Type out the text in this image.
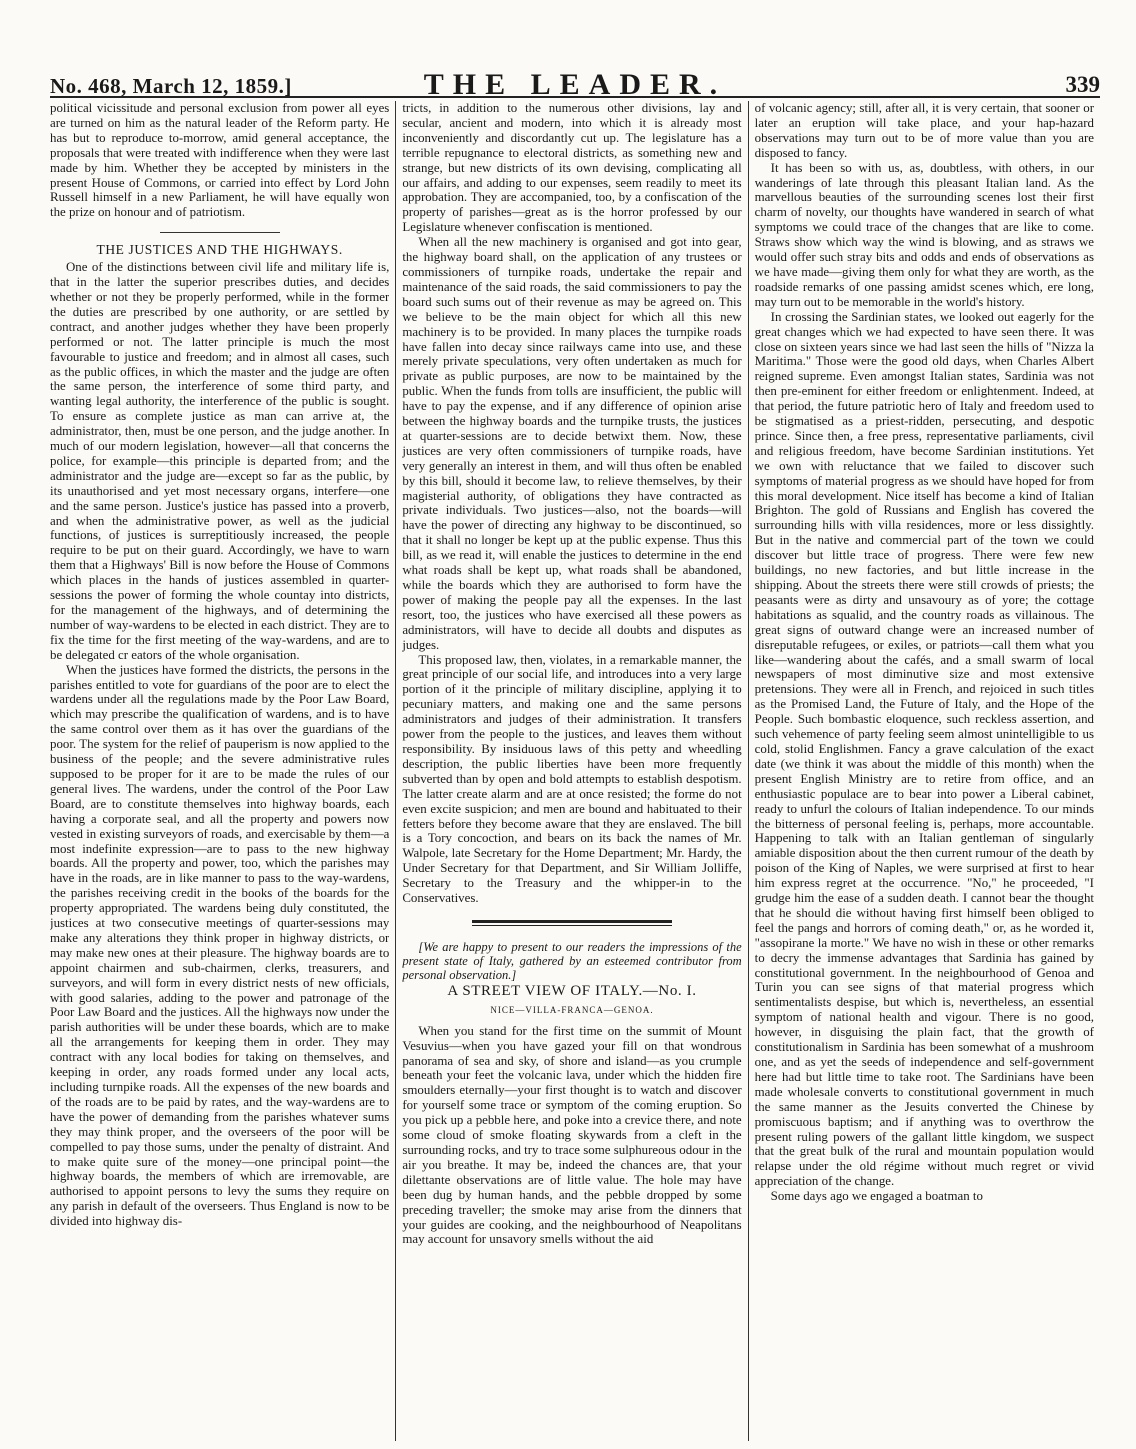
No. 468, March 12, 1859.]	THE LEADER.	339

political vicissitude and personal exclusion from power all eyes are turned on him as the natural leader of the Reform party. He has but to reproduce to-morrow, amid general acceptance, the proposals that were treated with indifference when they were last made by him. Whether they be accepted by ministers in the present House of Commons, or carried into effect by Lord John Russell himself in a new Parliament, he will have equally won the prize on honour and of patriotism.

THE JUSTICES AND THE HIGHWAYS.

One of the distinctions between civil life and military life is, that in the latter the superior prescribes duties, and decides whether or not they be properly performed, while in the former the duties are prescribed by one authority, or are settled by contract, and another judges whether they have been properly performed or not. The latter principle is much the most favourable to justice and freedom; and in almost all cases, such as the public offices, in which the master and the judge are often the same person, the interference of some third party, and wanting legal authority, the interference of the public is sought. To ensure as complete justice as man can arrive at, the administrator, then, must be one person, and the judge another. In much of our modern legislation, however—all that concerns the police, for example—this principle is departed from; and the administrator and the judge are—except so far as the public, by its unauthorised and yet most necessary organs, interfere—one and the same person. Justice's justice has passed into a proverb, and when the administrative power, as well as the judicial functions, of justices is surreptitiously increased, the people require to be put on their guard. Accordingly, we have to warn them that a Highways' Bill is now before the House of Commons which places in the hands of justices assembled in quarter-sessions the power of forming the whole countay into districts, for the management of the highways, and of determining the number of way-wardens to be elected in each district. They are to fix the time for the first meeting of the way-wardens, and are to be delegated cr eators of the whole organisation.

When the justices have formed the districts, the persons in the parishes entitled to vote for guardians of the poor are to elect the wardens under all the regulations made by the Poor Law Board, which may prescribe the qualification of wardens, and is to have the same control over them as it has over the guardians of the poor. The system for the relief of pauperism is now applied to the business of the people; and the severe administrative rules supposed to be proper for it are to be made the rules of our general lives. The wardens, under the control of the Poor Law Board, are to constitute themselves into highway boards, each having a corporate seal, and all the property and powers now vested in existing surveyors of roads, and exercisable by them—a most indefinite expression—are to pass to the new highway boards. All the property and power, too, which the parishes may have in the roads, are in like manner to pass to the way-wardens, the parishes receiving credit in the books of the boards for the property appropriated. The wardens being duly constituted, the justices at two consecutive meetings of quarter-sessions may make any alterations they think proper in highway districts, or may make new ones at their pleasure. The highway boards are to appoint chairmen and sub-chairmen, clerks, treasurers, and surveyors, and will form in every district nests of new officials, with good salaries, adding to the power and patronage of the Poor Law Board and the justices. All the highways now under the parish authorities will be under these boards, which are to make all the arrangements for keeping them in order. They may contract with any local bodies for taking on themselves, and keeping in order, any roads formed under any local acts, including turnpike roads. All the expenses of the new boards and of the roads are to be paid by rates, and the way-wardens are to have the power of demanding from the parishes whatever sums they may think proper, and the overseers of the poor will be compelled to pay those sums, under the penalty of distraint. And to make quite sure of the money—one principal point—the highway boards, the members of which are irremovable, are authorised to appoint persons to levy the sums they require on any parish in default of the overseers. Thus England is now to be divided into highway dis-

tricts, in addition to the numerous other divisions, lay and secular, ancient and modern, into which it is already most inconveniently and discordantly cut up. The legislature has a terrible repugnance to electoral districts, as something new and strange, but new districts of its own devising, complicating all our affairs, and adding to our expenses, seem readily to meet its approbation. They are accompanied, too, by a confiscation of the property of parishes—great as is the horror professed by our Legislature whenever confiscation is mentioned.

When all the new machinery is organised and got into gear, the highway board shall, on the application of any trustees or commissioners of turnpike roads, undertake the repair and maintenance of the said roads, the said commissioners to pay the board such sums out of their revenue as may be agreed on. This we believe to be the main object for which all this new machinery is to be provided. In many places the turnpike roads have fallen into decay since railways came into use, and these merely private speculations, very often undertaken as much for private as public purposes, are now to be maintained by the public. When the funds from tolls are insufficient, the public will have to pay the expense, and if any difference of opinion arise between the highway boards and the turnpike trusts, the justices at quarter-sessions are to decide betwixt them. Now, these justices are very often commissioners of turnpike roads, have very generally an interest in them, and will thus often be enabled by this bill, should it become law, to relieve themselves, by their magisterial authority, of obligations they have contracted as private individuals. Two justices—also, not the boards—will have the power of directing any highway to be discontinued, so that it shall no longer be kept up at the public expense. Thus this bill, as we read it, will enable the justices to determine in the end what roads shall be kept up, what roads shall be abandoned, while the boards which they are authorised to form have the power of making the people pay all the expenses. In the last resort, too, the justices who have exercised all these powers as administrators, will have to decide all doubts and disputes as judges.

This proposed law, then, violates, in a remarkable manner, the great principle of our social life, and introduces into a very large portion of it the principle of military discipline, applying it to pecuniary matters, and making one and the same persons administrators and judges of their administration. It transfers power from the people to the justices, and leaves them without responsibility. By insiduous laws of this petty and wheedling description, the public liberties have been more frequently subverted than by open and bold attempts to establish despotism. The latter create alarm and are at once resisted; the forme do not even excite suspicion; and men are bound and habituated to their fetters before they become aware that they are enslaved. The bill is a Tory concoction, and bears on its back the names of Mr. Walpole, late Secretary for the Home Department; Mr. Hardy, the Under Secretary for that Department, and Sir William Jolliffe, Secretary to the Treasury and the whipper-in to the Conservatives.

[We are happy to present to our readers the impressions of the present state of Italy, gathered by an esteemed contributor from personal observation.]

A STREET VIEW OF ITALY.—No. I.
NICE—VILLA-FRANCA—GENOA.

When you stand for the first time on the summit of Mount Vesuvius—when you have gazed your fill on that wondrous panorama of sea and sky, of shore and island—as you crumple beneath your feet the volcanic lava, under which the hidden fire smoulders eternally—your first thought is to watch and discover for yourself some trace or symptom of the coming eruption. So you pick up a pebble here, and poke into a crevice there, and note some cloud of smoke floating skywards from a cleft in the surrounding rocks, and try to trace some sulphureous odour in the air you breathe. It may be, indeed the chances are, that your dilettante observations are of little value. The hole may have been dug by human hands, and the pebble dropped by some preceding traveller; the smoke may arise from the dinners that your guides are cooking, and the neighbourhood of Neapolitans may account for unsavory smells without the aid

of volcanic agency; still, after all, it is very certain, that sooner or later an eruption will take place, and your hap-hazard observations may turn out to be of more value than you are disposed to fancy.

It has been so with us, as, doubtless, with others, in our wanderings of late through this pleasant Italian land. As the marvellous beauties of the surrounding scenes lost their first charm of novelty, our thoughts have wandered in search of what symptoms we could trace of the changes that are like to come. Straws show which way the wind is blowing, and as straws we would offer such stray bits and odds and ends of observations as we have made—giving them only for what they are worth, as the roadside remarks of one passing amidst scenes which, ere long, may turn out to be memorable in the world's history.

In crossing the Sardinian states, we looked out eagerly for the great changes which we had expected to have seen there. It was close on sixteen years since we had last seen the hills of "Nizza la Maritima." Those were the good old days, when Charles Albert reigned supreme. Even amongst Italian states, Sardinia was not then pre-eminent for either freedom or enlightenment. Indeed, at that period, the future patriotic hero of Italy and freedom used to be stigmatised as a priest-ridden, persecuting, and despotic prince. Since then, a free press, representative parliaments, civil and religious freedom, have become Sardinian institutions. Yet we own with reluctance that we failed to discover such symptoms of material progress as we should have hoped for from this moral development. Nice itself has become a kind of Italian Brighton. The gold of Russians and English has covered the surrounding hills with villa residences, more or less dissightly. But in the native and commercial part of the town we could discover but little trace of progress. There were few new buildings, no new factories, and but little increase in the shipping. About the streets there were still crowds of priests; the peasants were as dirty and unsavoury as of yore; the cottage habitations as squalid, and the country roads as villainous. The great signs of outward change were an increased number of disreputable refugees, or exiles, or patriots—call them what you like—wandering about the cafés, and a small swarm of local newspapers of most diminutive size and most extensive pretensions. They were all in French, and rejoiced in such titles as the Promised Land, the Future of Italy, and the Hope of the People. Such bombastic eloquence, such reckless assertion, and such vehemence of party feeling seem almost unintelligible to us cold, stolid Englishmen. Fancy a grave calculation of the exact date (we think it was about the middle of this month) when the present English Ministry are to retire from office, and an enthusiastic populace are to bear into power a Liberal cabinet, ready to unfurl the colours of Italian independence. To our minds the bitterness of personal feeling is, perhaps, more accountable. Happening to talk with an Italian gentleman of singularly amiable disposition about the then current rumour of the death by poison of the King of Naples, we were surprised at first to hear him express regret at the occurrence. "No," he proceeded, "I grudge him the ease of a sudden death. I cannot bear the thought that he should die without having first himself been obliged to feel the pangs and horrors of coming death," or, as he worded it, "assopirane la morte." We have no wish in these or other remarks to decry the immense advantages that Sardinia has gained by constitutional government. In the neighbourhood of Genoa and Turin you can see signs of that material progress which sentimentalists despise, but which is, nevertheless, an essential symptom of national health and vigour. There is no good, however, in disguising the plain fact, that the growth of constitutionalism in Sardinia has been somewhat of a mushroom one, and as yet the seeds of independence and self-government here had but little time to take root. The Sardinians have been made wholesale converts to constitutional government in much the same manner as the Jesuits converted the Chinese by promiscuous baptism; and if anything was to overthrow the present ruling powers of the gallant little kingdom, we suspect that the great bulk of the rural and mountain population would relapse under the old régime without much regret or vivid appreciation of the change.

Some days ago we engaged a boatman to
